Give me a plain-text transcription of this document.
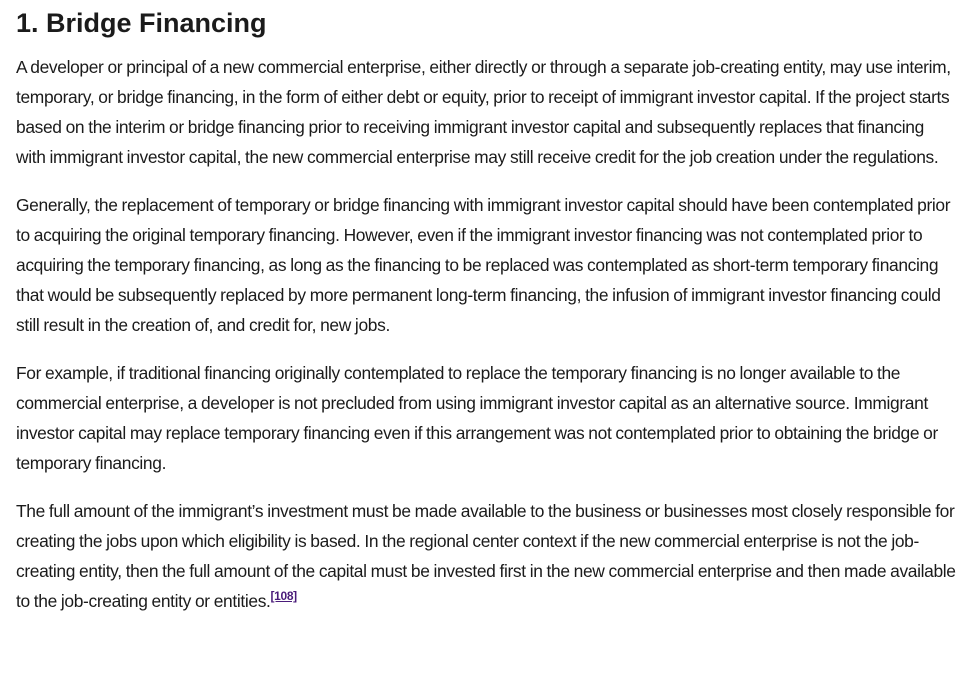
1. Bridge Financing

A developer or principal of a new commercial enterprise, either directly or through a separate job-creating entity, may use interim, temporary, or bridge financing, in the form of either debt or equity, prior to receipt of immigrant investor capital. If the project starts based on the interim or bridge financing prior to receiving immigrant investor capital and subsequently replaces that financing with immigrant investor capital, the new commercial enterprise may still receive credit for the job creation under the regulations.

Generally, the replacement of temporary or bridge financing with immigrant investor capital should have been contemplated prior to acquiring the original temporary financing. However, even if the immigrant investor financing was not contemplated prior to acquiring the temporary financing, as long as the financing to be replaced was contemplated as short-term temporary financing that would be subsequently replaced by more permanent long-term financing, the infusion of immigrant investor financing could still result in the creation of, and credit for, new jobs.

For example, if traditional financing originally contemplated to replace the temporary financing is no longer available to the commercial enterprise, a developer is not precluded from using immigrant investor capital as an alternative source. Immigrant investor capital may replace temporary financing even if this arrangement was not contemplated prior to obtaining the bridge or temporary financing.

The full amount of the immigrant’s investment must be made available to the business or businesses most closely responsible for creating the jobs upon which eligibility is based. In the regional center context if the new commercial enterprise is not the job-creating entity, then the full amount of the capital must be invested first in the new commercial enterprise and then made available to the job-creating entity or entities.[108]
